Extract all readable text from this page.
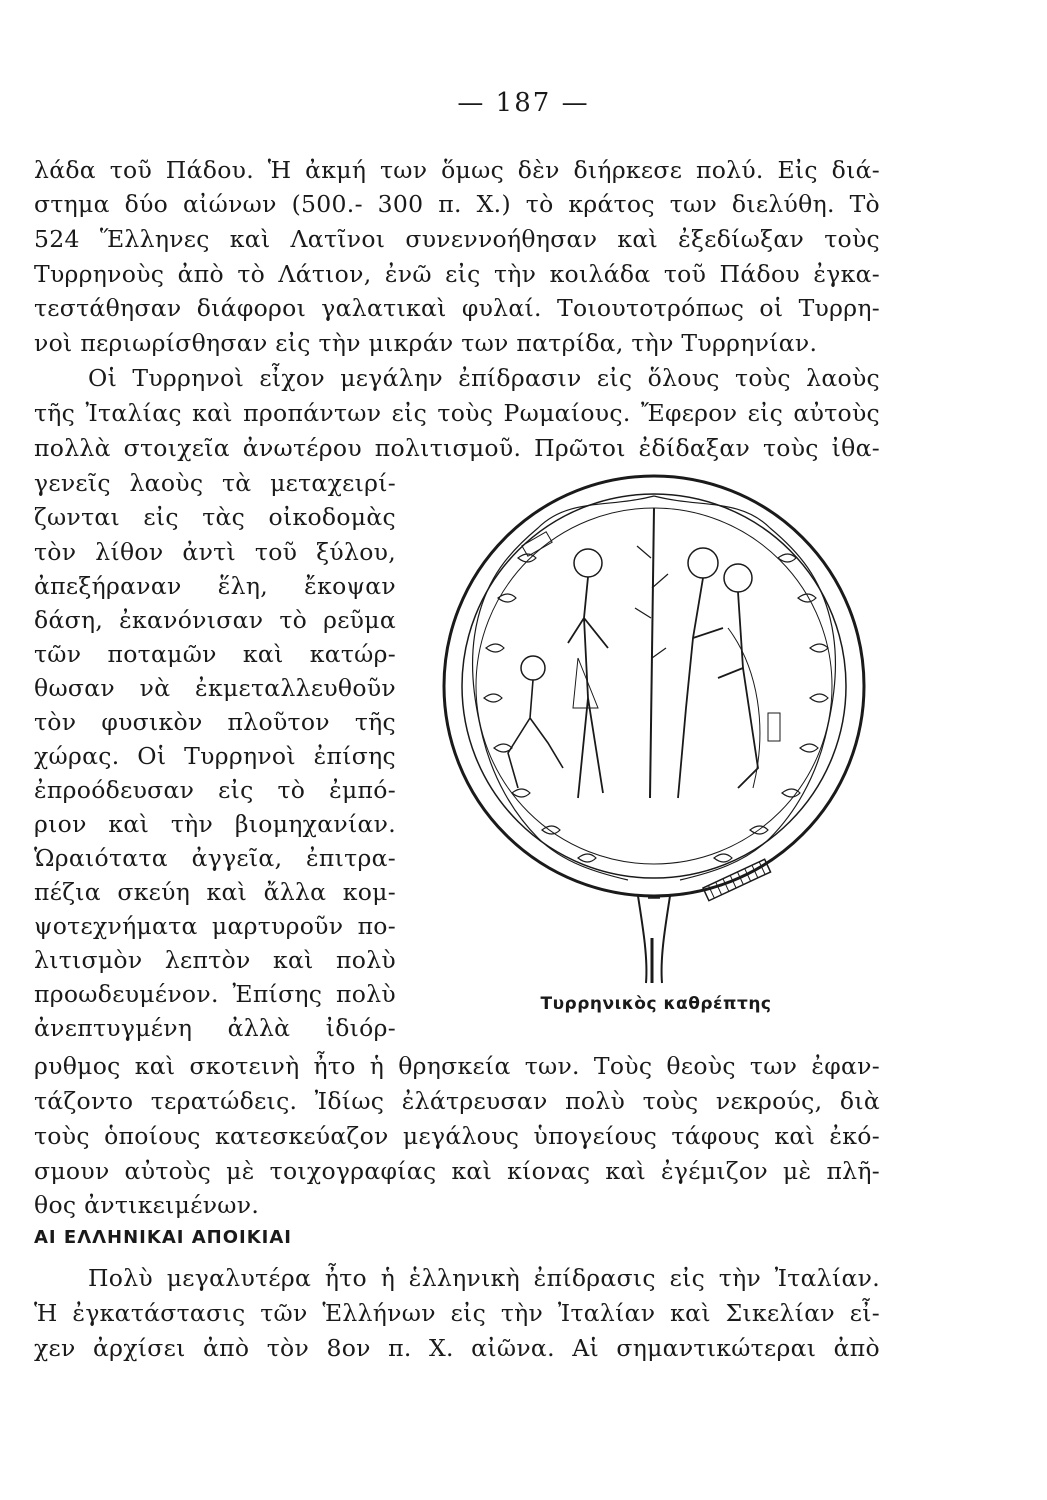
— 187 —
λάδα τοῦ Πάδου. Ἡ ἀκμή των ὅμως δὲν διήρκεσε πολύ. Εἰς διά-
στημα δύο αἰώνων (500.- 300 π. Χ.) τὸ κράτος των διελύθη. Τὸ
524 Ἕλληνες καὶ Λατῖνοι συνεννοήθησαν καὶ ἐξεδίωξαν τοὺς
Τυρρηνοὺς ἀπὸ τὸ Λάτιον, ἐνῶ εἰς τὴν κοιλάδα τοῦ Πάδου ἐγκα-
τεστάθησαν διάφοροι γαλατικαὶ φυλαί. Τοιουτοτρόπως οἱ Τυρρη-
νοὶ περιωρίσθησαν εἰς τὴν μικράν των πατρίδα, τὴν Τυρρηνίαν.
Οἱ Τυρρηνοὶ εἶχον μεγάλην ἐπίδρασιν εἰς ὅλους τοὺς λαοὺς
τῆς Ἰταλίας καὶ προπάντων εἰς τοὺς Ρωμαίους. Ἔφερον εἰς αὐτοὺς
πολλὰ στοιχεῖα ἀνωτέρου πολιτισμοῦ. Πρῶτοι ἐδίδαξαν τοὺς ἰθα-
γενεῖς λαοὺς τὰ μεταχειρί-
ζωνται εἰς τὰς οἰκοδομὰς
τὸν λίθον ἀντὶ τοῦ ξύλου,
ἀπεξήραναν ἕλη, ἔκοψαν
δάση, ἐκανόνισαν τὸ ρεῦμα
τῶν ποταμῶν καὶ κατώρ-
θωσαν νὰ ἐκμεταλλευθοῦν
τὸν φυσικὸν πλοῦτον τῆς
χώρας. Οἱ Τυρρηνοὶ ἐπίσης
ἐπροόδευσαν εἰς τὸ ἐμπό-
ριον καὶ τὴν βιομηχανίαν.
Ὡραιότατα ἀγγεῖα, ἐπιτρα-
πέζια σκεύη καὶ ἄλλα κομ-
ψοτεχνήματα μαρτυροῦν πο-
λιτισμὸν λεπτὸν καὶ πολὺ
προωδευμένον. Ἐπίσης πολὺ
ἀνεπτυγμένη ἀλλὰ ἰδιόρ-
ρυθμος καὶ σκοτεινὴ ἦτο ἡ θρησκεία των. Τοὺς θεοὺς των ἐφαν-
τάζοντο τερατώδεις. Ἰδίως ἐλάτρευσαν πολὺ τοὺς νεκρούς, διὰ
τοὺς ὁποίους κατεσκεύαζον μεγάλους ὑπογείους τάφους καὶ ἐκό-
σμουν αὐτοὺς μὲ τοιχογραφίας καὶ κίονας καὶ ἐγέμιζον μὲ πλῆ-
θος ἀντικειμένων.
Τυρρηνικὸς καθρέπτης
ΑΙ ΕΛΛΗΝΙΚΑΙ ΑΠΟΙΚΙΑΙ
Πολὺ μεγαλυτέρα ἦτο ἡ ἑλληνικὴ ἐπίδρασις εἰς τὴν Ἰταλίαν.
Ἡ ἐγκατάστασις τῶν Ἑλλήνων εἰς τὴν Ἰταλίαν καὶ Σικελίαν εἶ-
χεν ἀρχίσει ἀπὸ τὸν 8ον π. Χ. αἰῶνα. Αἱ σημαντικώτεραι ἀπὸ
